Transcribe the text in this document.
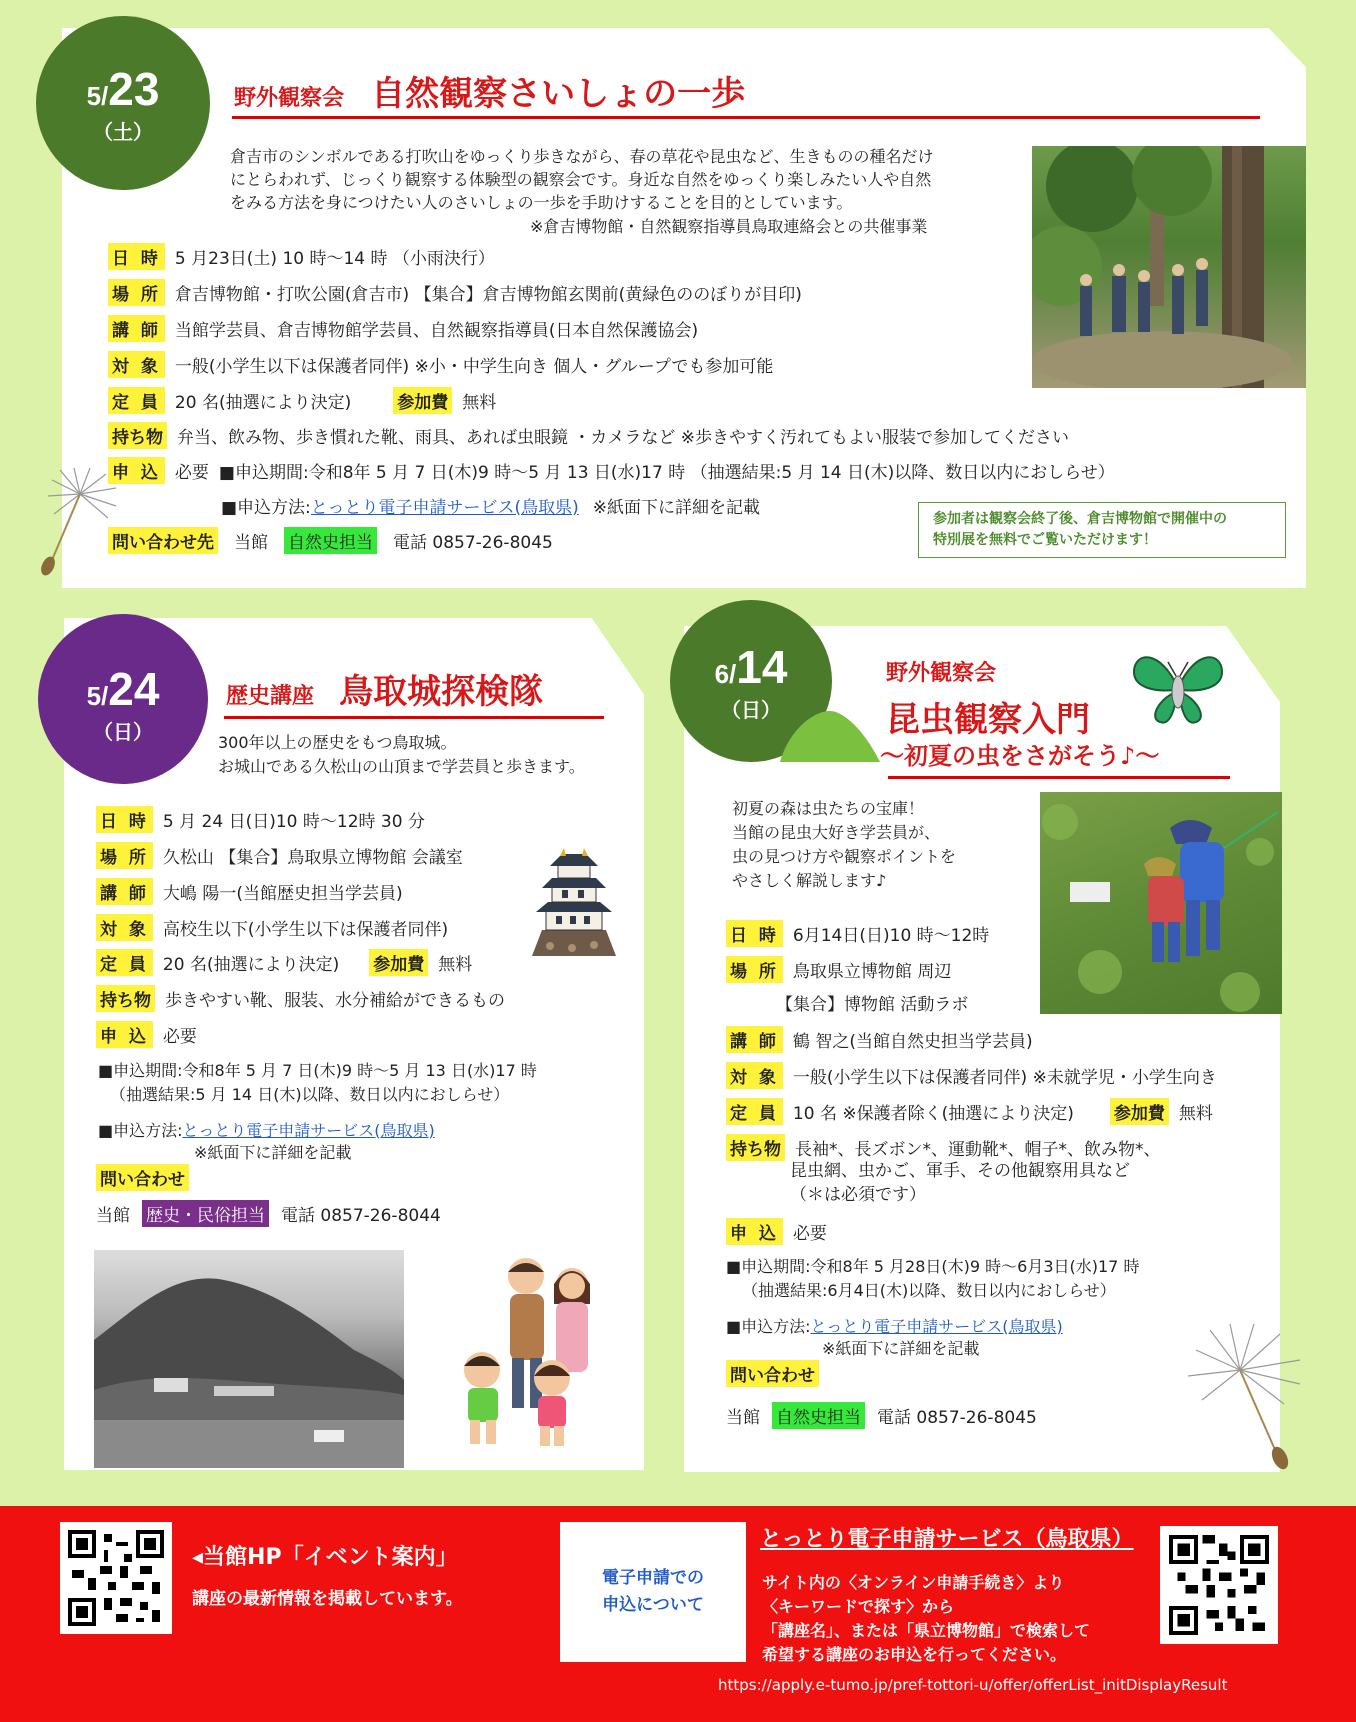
5/23
（土）
野外観察会 自然観察さいしょの一歩
倉吉市のシンボルである打吹山をゆっくり歩きながら、春の草花や昆虫など、生きものの種名だけ
にとらわれず、じっくり観察する体験型の観察会です。身近な自然をゆっくり楽しみたい人や自然
をみる方法を身につけたい人のさいしょの一歩を手助けすることを目的としています。
※倉吉博物館・自然観察指導員鳥取連絡会との共催事業
日 時 5 月23日(土) 10 時～14 時 （小雨決行）
場 所 倉吉博物館・打吹公園(倉吉市) 【集合】倉吉博物館玄関前(黄緑色ののぼりが目印)
講 師 当館学芸員、倉吉博物館学芸員、自然観察指導員(日本自然保護協会)
対 象 一般(小学生以下は保護者同伴) ※小・中学生向き 個人・グループでも参加可能
定 員 20 名(抽選により決定)	参加費 無料
持ち物 弁当、飲み物、歩き慣れた靴、雨具、あれば虫眼鏡 ・カメラなど ※歩きやすく汚れてもよい服装で参加してください
申 込 必要 ■申込期間:令和8年 5 月 7 日(木)9 時～5 月 13 日(水)17 時 （抽選結果:5 月 14 日(木)以降、数日以内におしらせ）
■申込方法: とっとり電子申請サービス(鳥取県) ※紙面下に詳細を記載
問い合わせ先 当館 自然史担当 電話 0857-26-8045
参加者は観察会終了後、倉吉博物館で開催中の
特別展を無料でご覧いただけます！
5/24
（日）
歴史講座 鳥取城探検隊
300年以上の歴史をもつ鳥取城。
お城山である久松山の山頂まで学芸員と歩きます。
日 時 5 月 24 日(日)10 時～12時 30 分
場 所 久松山 【集合】鳥取県立博物館 会議室
講 師 大嶋 陽一(当館歴史担当学芸員)
対 象 高校生以下(小学生以下は保護者同伴)
定 員 20 名(抽選により決定) 参加費 無料
持ち物 歩きやすい靴、服装、水分補給ができるもの
申 込 必要
■申込期間:令和8年 5 月 7 日(木)9 時～5 月 13 日(水)17 時
（抽選結果:5 月 14 日(木)以降、数日以内におしらせ）
■申込方法: とっとり電子申請サービス(鳥取県)
※紙面下に詳細を記載
問い合わせ
当館 歴史・民俗担当 電話 0857-26-8044
6/14
（日）
野外観察会
昆虫観察入門
～初夏の虫をさがそう♪～
初夏の森は虫たちの宝庫！
当館の昆虫大好き学芸員が、
虫の見つけ方や観察ポイントを
やさしく解説します♪
日 時 6月14日(日)10 時～12時
場 所 鳥取県立博物館 周辺
【集合】博物館 活動ラボ
講 師 鶴 智之(当館自然史担当学芸員)
対 象 一般(小学生以下は保護者同伴) ※未就学児・小学生向き
定 員 10 名 ※保護者除く(抽選により決定) 参加費 無料
持ち物 長袖*、長ズボン*、運動靴*、帽子*、飲み物*、
昆虫網、虫かご、軍手、その他観察用具など
（＊は必須です）
申 込 必要
■申込期間:令和8年 5 月28日(木)9 時～6月3日(水)17 時
（抽選結果:6月4日(木)以降、数日以内におしらせ）
■申込方法: とっとり電子申請サービス(鳥取県)
※紙面下に詳細を記載
問い合わせ
当館 自然史担当 電話 0857-26-8045
◂当館HP「イベント案内」
講座の最新情報を掲載しています。
電子申請での
申込について
とっとり電子申請サービス（鳥取県）
サイト内の〈オンライン申請手続き〉より
〈キーワードで探す〉から
「講座名」、または「県立博物館」で検索して
希望する講座のお申込を行ってください。
https://apply.e-tumo.jp/pref-tottori-u/offer/offerList_initDisplayResult
